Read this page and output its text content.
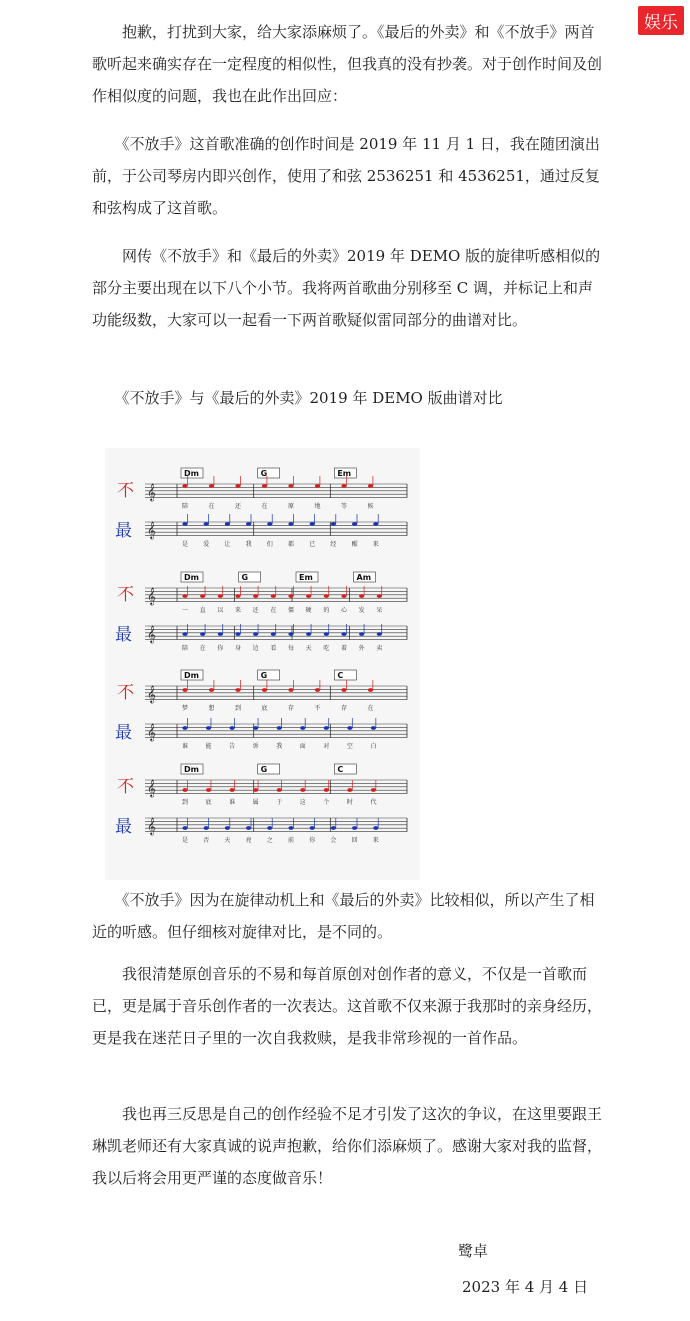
娱乐
　　抱歉，打扰到大家，给大家添麻烦了。《最后的外卖》和《不放手》两首歌听起来确实存在一定程度的相似性，但我真的没有抄袭。对于创作时间及创作相似度的问题，我也在此作出回应：
　　《不放手》这首歌准确的创作时间是 2019 年 11 月 1 日，我在随团演出前，于公司琴房内即兴创作，使用了和弦 2536251 和 4536251，通过反复和弦构成了这首歌。
　　网传《不放手》和《最后的外卖》2019 年 DEMO 版的旋律听感相似的部分主要出现在以下八个小节。我将两首歌曲分别移至 C 调，并标记上和声功能级数，大家可以一起看一下两首歌疑似雷同部分的曲谱对比。
　　《不放手》与《最后的外卖》2019 年 DEMO 版曲谱对比
𝄞
𝄞
Dm	G	Em
不
最
陪	在	还	在	原	地	等	候
是	爱	让	我	们	都	已	经	醒	来
𝄞
𝄞
Dm	G	Em	Am
不
最
一 直 以 来 还 在 僵 硬 的 心 发 呆
陪 在 你 身 边 看 每 天 吃 着 外 卖
𝄞
𝄞
Dm	G	C
不
最
梦	想	到	底	存	不	存	在
谁	能	告	诉	我	面	对	空	白
𝄞
𝄞
Dm	G	C
不
最
到	底	谁	属	于	这	个	时	代
是	否	天	亮	之	前	你	会	回	来
　　《不放手》因为在旋律动机上和《最后的外卖》比较相似，所以产生了相近的听感。但仔细核对旋律对比，是不同的。
　　我很清楚原创音乐的不易和每首原创对创作者的意义，不仅是一首歌而已，更是属于音乐创作者的一次表达。这首歌不仅来源于我那时的亲身经历，更是我在迷茫日子里的一次自我救赎，是我非常珍视的一首作品。
　　我也再三反思是自己的创作经验不足才引发了这次的争议，在这里要跟王琳凯老师还有大家真诚的说声抱歉，给你们添麻烦了。感谢大家对我的监督，我以后将会用更严谨的态度做音乐！
鹭卓
2023 年 4 月 4 日
